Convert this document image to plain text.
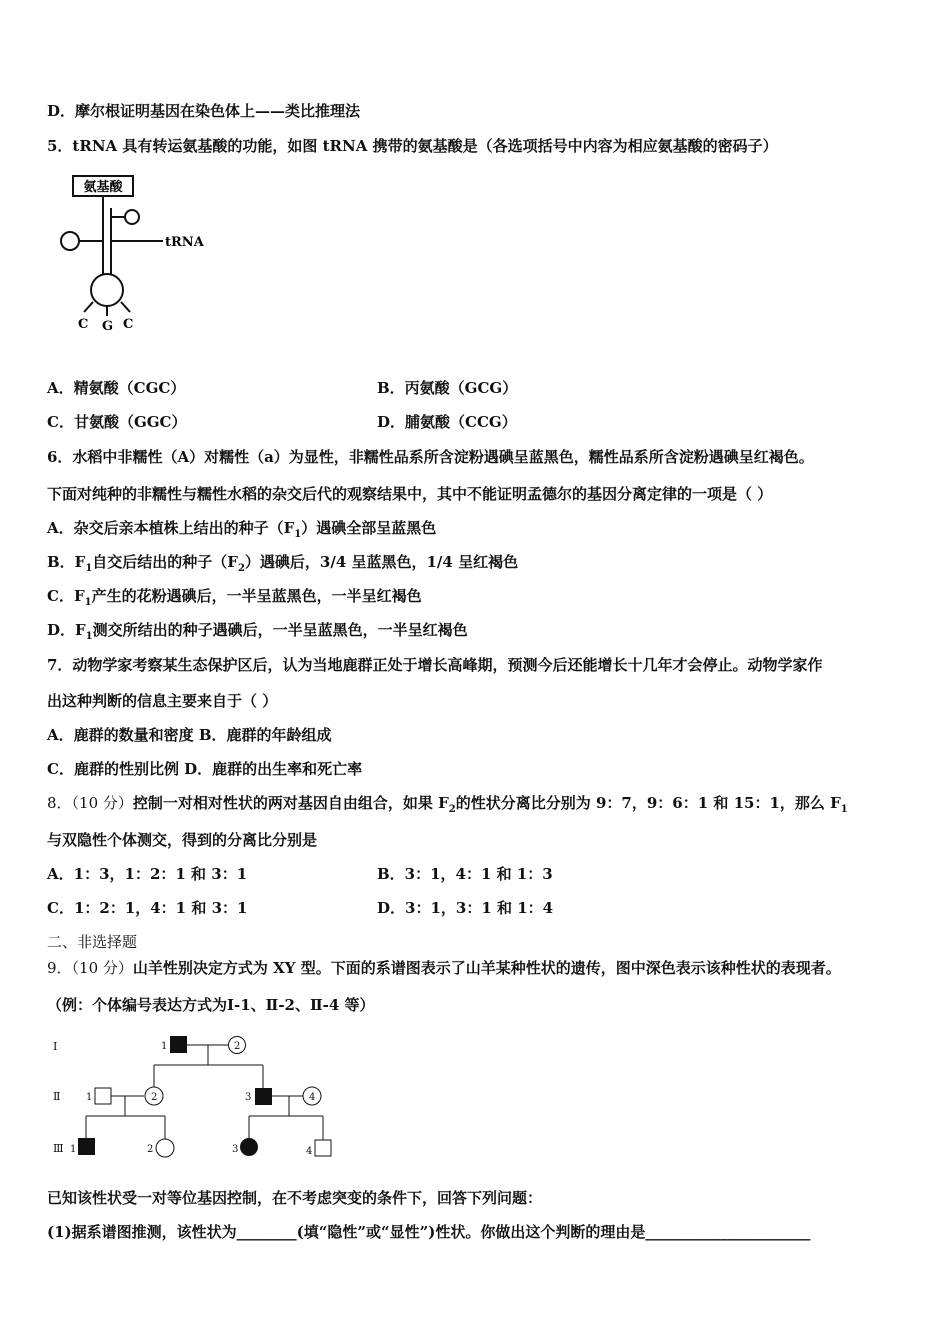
D．摩尔根证明基因在染色体上——类比推理法
5．tRNA 具有转运氨基酸的功能，如图 tRNA 携带的氨基酸是（各选项括号中内容为相应氨基酸的密码子）
氨基酸
tRNA
C G C
A．精氨酸（CGC）	B．丙氨酸（GCG）
C．甘氨酸（GGC）	D．脯氨酸（CCG）
6．水稻中非糯性（A）对糯性（a）为显性，非糯性品系所含淀粉遇碘呈蓝黑色，糯性品系所含淀粉遇碘呈红褐色。
下面对纯种的非糯性与糯性水稻的杂交后代的观察结果中，其中不能证明孟德尔的基因分离定律的一项是（ ）
A．杂交后亲本植株上结出的种子$(F_1)$遇碘全部呈蓝黑色
B．$F_1$自交后结出的种子$(F_2)$遇碘后，3/4 呈蓝黑色，1/4 呈红褐色
C．$F_1$产生的花粉遇碘后，一半呈蓝黑色，一半呈红褐色
D．$F_1$测交所结出的种子遇碘后，一半呈蓝黑色，一半呈红褐色
7．动物学家考察某生态保护区后，认为当地鹿群正处于增长高峰期，预测今后还能增长十几年才会停止。动物学家作
出这种判断的信息主要来自于（ ）
A．鹿群的数量和密度 B．鹿群的年龄组成
C．鹿群的性别比例 D．鹿群的出生率和死亡率
8．（10 分）控制一对相对性状的两对基因自由组合，如果 $F_2$的性状分离比分别为 9：7，9：6：1 和 15：1，那么 $F_1$
与双隐性个体测交，得到的分离比分别是
A．1：3，1：2：1 和 3：1	B．3：1，4：1 和 1：3
C．1：2：1，4：1 和 3：1	D．3：1，3：1 和 1：4
二、非选择题
9．（10 分）山羊性别决定方式为 XY 型。下面的系谱图表示了山羊某种性状的遗传，图中深色表示该种性状的表现者。
（例：个体编号表达方式为Ⅰ-1、Ⅱ-2、Ⅱ-4 等）
Ⅰ
Ⅱ
Ⅲ
1	2
1	2	3	4
1	2	3	4
已知该性状受一对等位基因控制，在不考虑突变的条件下，回答下列问题：
(1)据系谱图推测，该性状为________(填“隐性”或“显性”)性状。你做出这个判断的理由是______________________
